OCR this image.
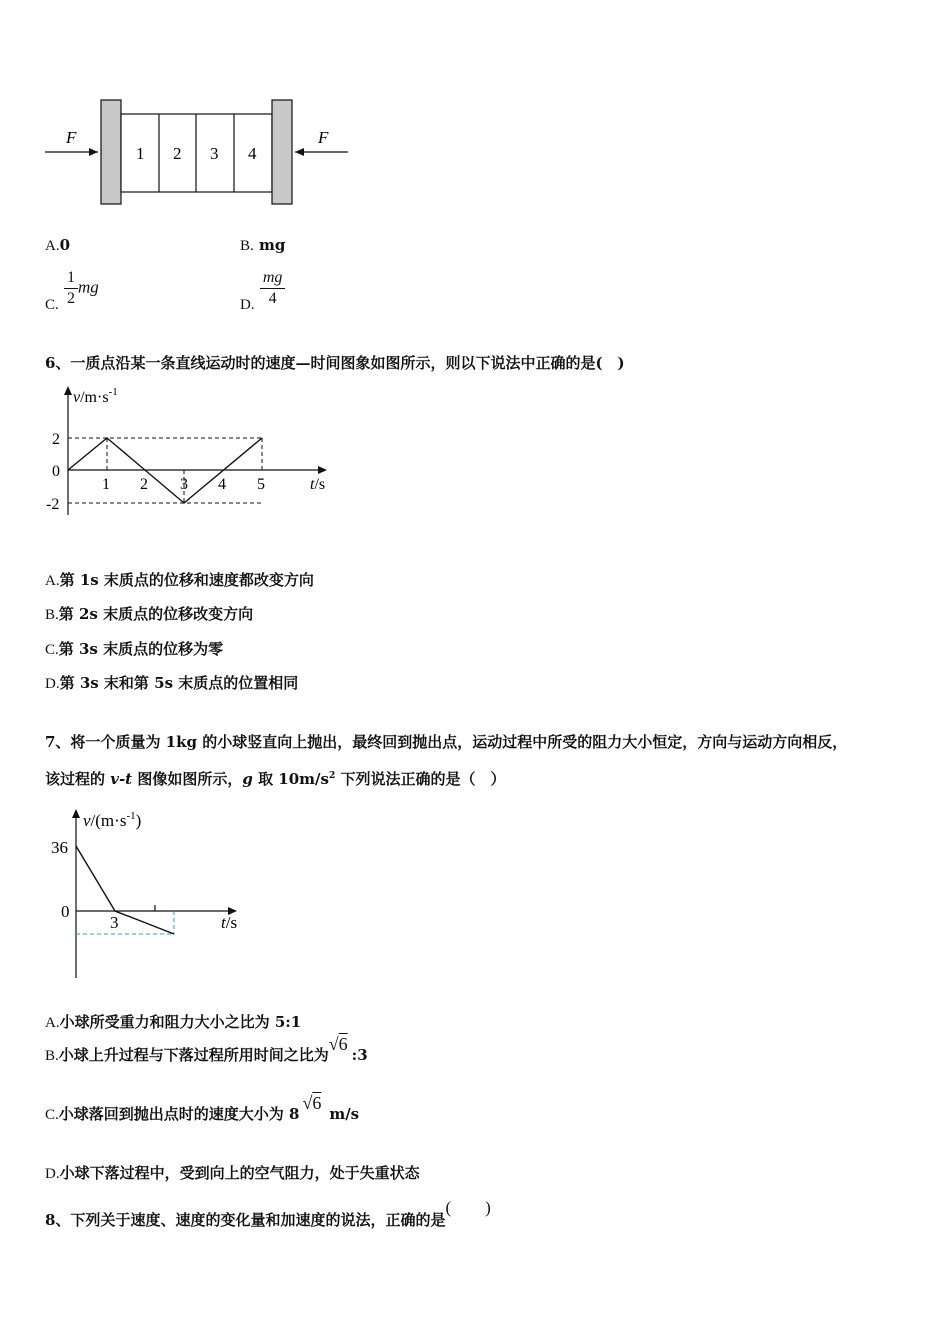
F
1 2 3 4
F
A.0	B. mg
C. $\frac{1}{2}$ mg
D. $\frac{mg}{4}$
6、一质点沿某一条直线运动时的速度—时间图象如图所示，则以下说法中正确的是(　)
$v/m\cdot s^{-1}$
t/s
2
0
-2
1 2 3 4 5
A.第 1s 末质点的位移和速度都改变方向
B.第 2s 末质点的位移改变方向
C.第 3s 末质点的位移为零
D.第 3s 末和第 5s 末质点的位置相同
7、将一个质量为 1kg 的小球竖直向上抛出，最终回到抛出点，运动过程中所受的阻力大小恒定，方向与运动方向相反，
该过程的 v-t 图像如图所示，g 取 $10m/s^2$ 下列说法正确的是（　）
$v/(m\cdot s^{-1})$
t/s
36
0
3
A.小球所受重力和阻力大小之比为 5:1
B.小球上升过程与下落过程所用时间之比为√6:3
C.小球落回到抛出点时的速度大小为 8√6m/s
D.小球下落过程中，受到向上的空气阻力，处于失重状态
8、下列关于速度、速度的变化量和加速度的说法，正确的是(　　)
